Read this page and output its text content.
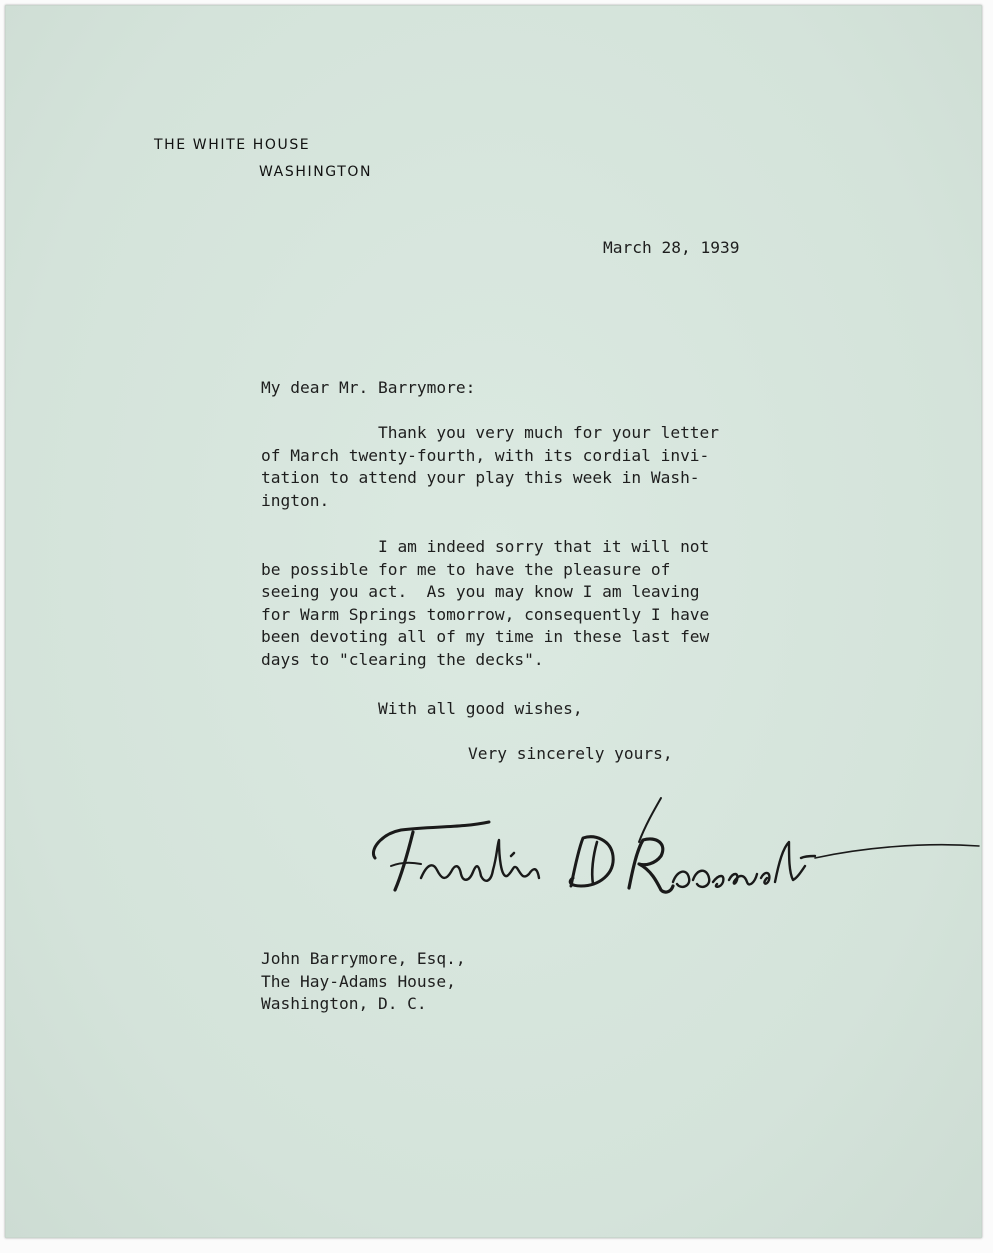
THE WHITE HOUSE
WASHINGTON
March 28, 1939
My dear Mr. Barrymore:
Thank you very much for your letter
of March twenty-fourth, with its cordial invi-
tation to attend your play this week in Wash-
ington.
I am indeed sorry that it will not
be possible for me to have the pleasure of
seeing you act.  As you may know I am leaving
for Warm Springs tomorrow, consequently I have
been devoting all of my time in these last few
days to "clearing the decks".
With all good wishes,
Very sincerely yours,
John Barrymore, Esq.,
The Hay-Adams House,
Washington, D. C.
